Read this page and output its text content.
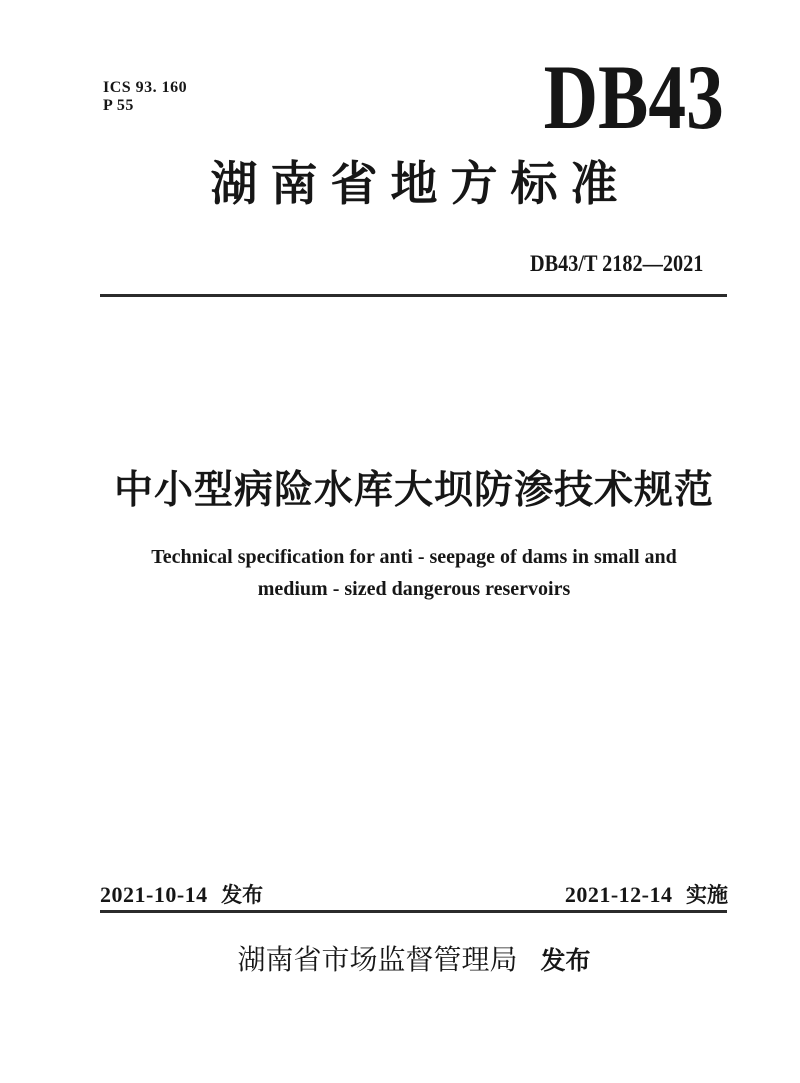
ICS 93. 160
P 55	DB43
湖南省地方标准
DB43/T 2182—2021
中小型病险水库大坝防渗技术规范
Technical specification for anti - seepage of dams in small and
medium - sized dangerous reservoirs
2021-10-14 发布	2021-12-14 实施
湖南省市场监督管理局 发布
